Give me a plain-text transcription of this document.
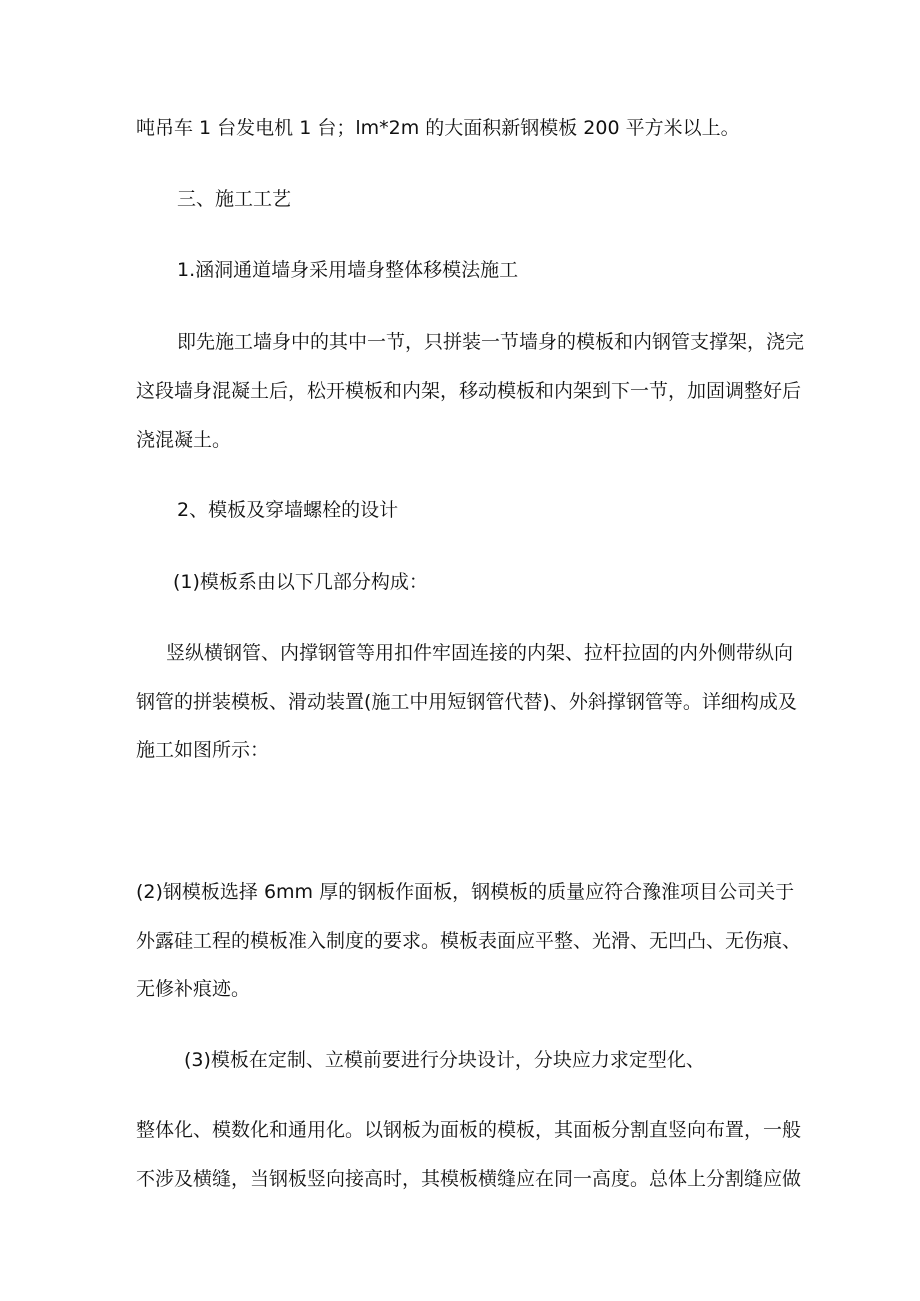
吨吊车 1 台发电机 1 台；lm*2m 的大面积新钢模板 200 平方米以上。
三、施工工艺
1.涵洞通道墙身采用墙身整体移模法施工
即先施工墙身中的其中一节，只拼装一节墙身的模板和内钢管支撑架，浇完
这段墙身混凝土后，松开模板和内架，移动模板和内架到下一节，加固调整好后
浇混凝土。
2、模板及穿墙螺栓的设计
(1)模板系由以下几部分构成：
竖纵横钢管、内撑钢管等用扣件牢固连接的内架、拉杆拉固的内外侧带纵向
钢管的拼装模板、滑动装置(施工中用短钢管代替)、外斜撑钢管等。详细构成及
施工如图所示：
(2)钢模板选择 6mm 厚的钢板作面板，钢模板的质量应符合豫淮项目公司关于
外露硅工程的模板准入制度的要求。模板表面应平整、光滑、无凹凸、无伤痕、
无修补痕迹。
(3)模板在定制、立模前要进行分块设计，分块应力求定型化、
整体化、模数化和通用化。以钢板为面板的模板，其面板分割直竖向布置，一般
不涉及横缝，当钢板竖向接高时，其模板横缝应在同一高度。总体上分割缝应做
